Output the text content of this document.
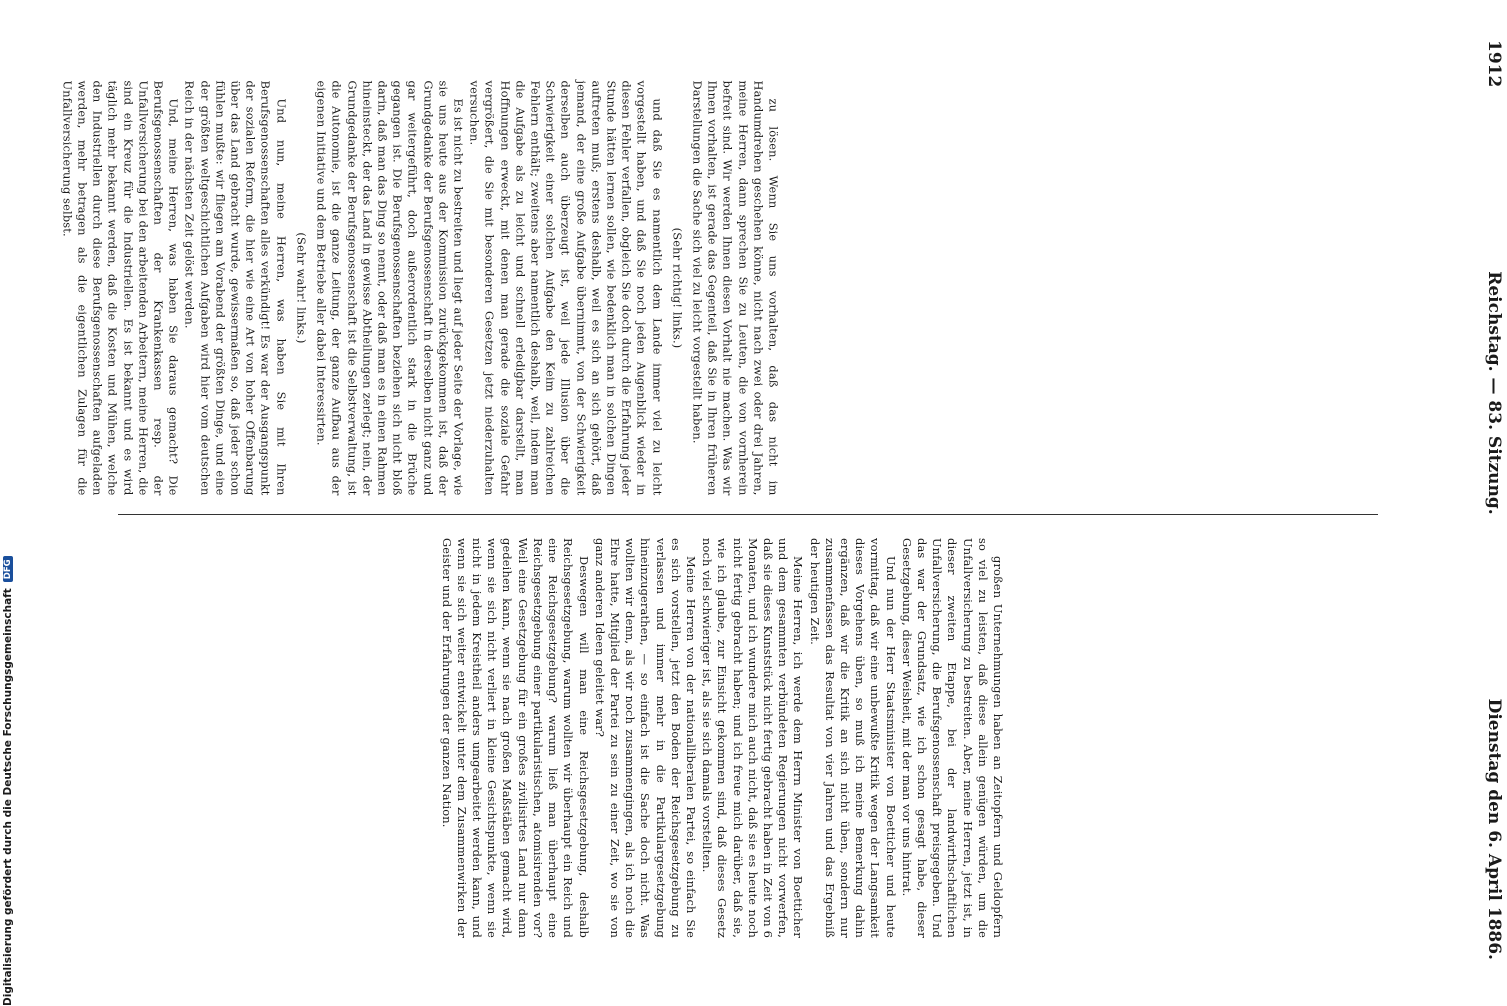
1912
Reichstag. — 83. Sitzung.
Dienstag den 6. April 1886.

zu lösen. Wenn Sie uns vorhalten, daß das nicht im Handumdrehen geschehen könne, nicht nach zwei oder drei Jahren, meine Herren, dann sprechen Sie zu Leuten, die von vornherein befreit sind. Wir werden Ihnen diesen Vorhalt nie machen. Was wir Ihnen vorhalten, ist gerade das Gegenteil, daß Sie in Ihren früheren Darstellungen die Sache sich viel zu leicht vorgestellt haben.

(Sehr richtig! links.)

und daß Sie es namentlich dem Lande immer viel zu leicht vorgestellt haben, und daß Sie noch jeden Augenblick wieder in diesen Fehler verfallen, obgleich Sie doch durch die Erfahrung jeder Stunde hätten lernen sollen, wie bedenklich man in solchen Dingen auftreten muß; erstens deshalb, weil es sich an sich gehört, daß jemand, der eine große Aufgabe übernimmt, von der Schwierigkeit derselben auch überzeugt ist, weil jede Illusion über die Schwierigkeit einer solchen Aufgabe den Keim zu zahlreichen Fehlern enthält; zweitens aber namentlich deshalb, weil, indem man die Aufgabe als zu leicht und schnell erledigbar darstellt, man Hoffnungen erweckt, mit denen man gerade die soziale Gefahr vergrößert, die Sie mit besonderen Gesetzen jetzt niederzuhalten versuchen.

Es ist nicht zu bestreiten und liegt auf jeder Seite der Vorlage, wie sie uns heute aus der Kommission zurückgekommen ist, daß der Grundgedanke der Berufsgenossenschaft in derselben nicht ganz und gar weitergeführt, doch außerordentlich stark in die Brüche gegangen ist. Die Berufsgenossenschaften beziehen sich nicht bloß darin, daß man das Ding so nennt, oder daß man es in einen Rahmen hineinsteckt, der das Land in gewisse Abtheilungen zerlegt; nein, der Grundgedanke der Berufsgenossenschaft ist die Selbstverwaltung, ist die Autonomie, ist die ganze Leitung, der ganze Aufbau aus der eigenen Initiative und dem Betriebe aller dabei Interessirten.

(Sehr wahr! links.)

Und nun, meine Herren, was haben Sie mit Ihren Berufsgenossenschaften alles verkündigt! Es war der Ausgangspunkt der sozialen Reform, die hier wie eine Art von hoher Offenbarung über das Land gebracht wurde, gewissermaßen so, daß jeder schon fühlen mußte: wir fliegen am Vorabend der größten Dinge, und eine der größten weltgeschichtlichen Aufgaben wird hier vom deutschen Reich in der nächsten Zeit gelöst werden.

Und, meine Herren, was haben Sie daraus gemacht? Die Berufsgenossenschaften der Krankenkassen resp. der Unfallversicherung bei den arbeitenden Arbeitern, meine Herren, die sind ein Kreuz für die Industriellen. Es ist bekannt und es wird täglich mehr bekannt werden, daß die Kosten und Mühen, welche den Industriellen durch diese Berufsgenossenschaften aufgeladen werden, mehr betragen als die eigentlichen Zulagen für die Unfallversicherung selbst.

großen Unternehmungen haben an Zeitopfern und Geldopfern so viel zu leisten, daß diese allein genügen würden, um die Unfallversicherung zu bestreiten. Aber, meine Herren, jetzt ist, in dieser zweiten Etappe, bei der landwirthschaftlichen Unfallversicherung, die Berufsgenossenschaft preisgegeben. Und das war der Grundsatz, wie ich schon gesagt habe, dieser Gesetzgebung, dieser Weisheit, mit der man vor uns hintrat.

Und nun der Herr Staatsminister von Boetticher und heute vormittag, daß wir eine unbewußte Kritik wegen der Langsamkeit dieses Vorgehens üben, so muß ich meine Bemerkung dahin ergänzen, daß wir die Kritik an sich nicht üben, sondern nur zusammenfassen das Resultat von vier Jahren und das Ergebniß der heutigen Zeit.

Meine Herren, ich werde dem Herrn Minister von Boetticher und dem gesammten verbündeten Regierungen nicht vorwerfen, daß sie dieses Kunststück nicht fertig gebracht haben in Zeit von 6 Monaten, und ich wundere mich auch nicht, daß sie es heute noch nicht fertig gebracht haben; und ich freue mich darüber, daß sie, wie ich glaube, zur Einsicht gekommen sind, daß dieses Gesetz noch viel schwieriger ist, als sie sich damals vorstellten.

Meine Herren von der nationalliberalen Partei, so einfach Sie es sich vorstellen, jetzt den Boden der Reichsgesetzgebung zu verlassen und immer mehr in die Partikulargesetzgebung hineinzugerathen, — so einfach ist die Sache doch nicht. Was wollten wir denn, als wir noch zusammengingen, als ich noch die Ehre hatte, Mitglied der Partei zu sein zu einer Zeit, wo sie von ganz anderen Ideen geleitet war?

Deswegen will man eine Reichsgesetzgebung, deshalb Reichsgesetzgebung, warum wollten wir überhaupt ein Reich und eine Reichsgesetzgebung? warum ließ man überhaupt eine Reichsgesetzgebung einer partikularistischen, atomisirenden vor? Weil eine Gesetzgebung für ein großes zivilisirtes Land nur dann gedeihen kann, wenn sie nach großen Maßstäben gemacht wird, wenn sie sich nicht verliert in kleine Gesichtspunkte, wenn sie nicht in jedem Kreistheil anders umgearbeitet werden kann, und wenn sie sich weiter entwickelt unter dem Zusammenwirken der Geister und der Erfahrungen der ganzen Nation.

Digitalisierung gefördert durch die Deutsche Forschungsgemeinschaft
DFG
